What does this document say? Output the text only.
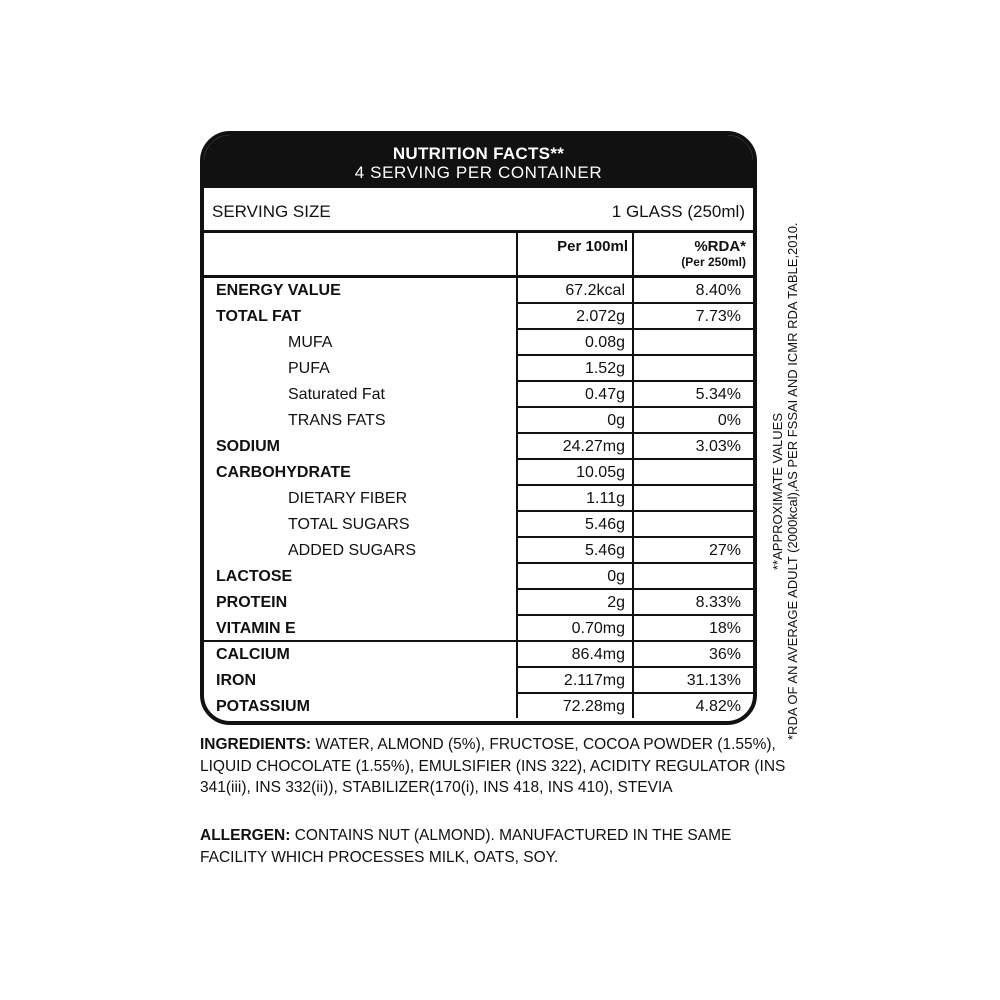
NUTRITION FACTS**
4 SERVING PER CONTAINER
SERVING SIZE	1 GLASS (250ml)
Per 100ml	%RDA*
(Per 250ml)
ENERGY VALUE	67.2kcal	8.40%
TOTAL FAT	2.072g	7.73%
MUFA	0.08g
PUFA	1.52g
Saturated Fat	0.47g	5.34%
TRANS FATS	0g	0%
SODIUM	24.27mg	3.03%
CARBOHYDRATE	10.05g
DIETARY FIBER	1.11g
TOTAL SUGARS	5.46g
ADDED SUGARS	5.46g	27%
LACTOSE	0g
PROTEIN	2g	8.33%
VITAMIN E	0.70mg	18%
CALCIUM	86.4mg	36%
IRON	2.117mg	31.13%
POTASSIUM	72.28mg	4.82%
**APPROXIMATE VALUES *RDA OF AN AVERAGE ADULT (2000kcal),AS PER FSSAI AND ICMR RDA TABLE,2010.
INGREDIENTS: WATER, ALMOND (5%), FRUCTOSE, COCOA POWDER (1.55%), LIQUID CHOCOLATE (1.55%), EMULSIFIER (INS 322), ACIDITY REGULATOR (INS 341(iii), INS 332(ii)), STABILIZER(170(i), INS 418, INS 410), STEVIA
ALLERGEN: CONTAINS NUT (ALMOND). MANUFACTURED IN THE SAME FACILITY WHICH PROCESSES MILK, OATS, SOY.
